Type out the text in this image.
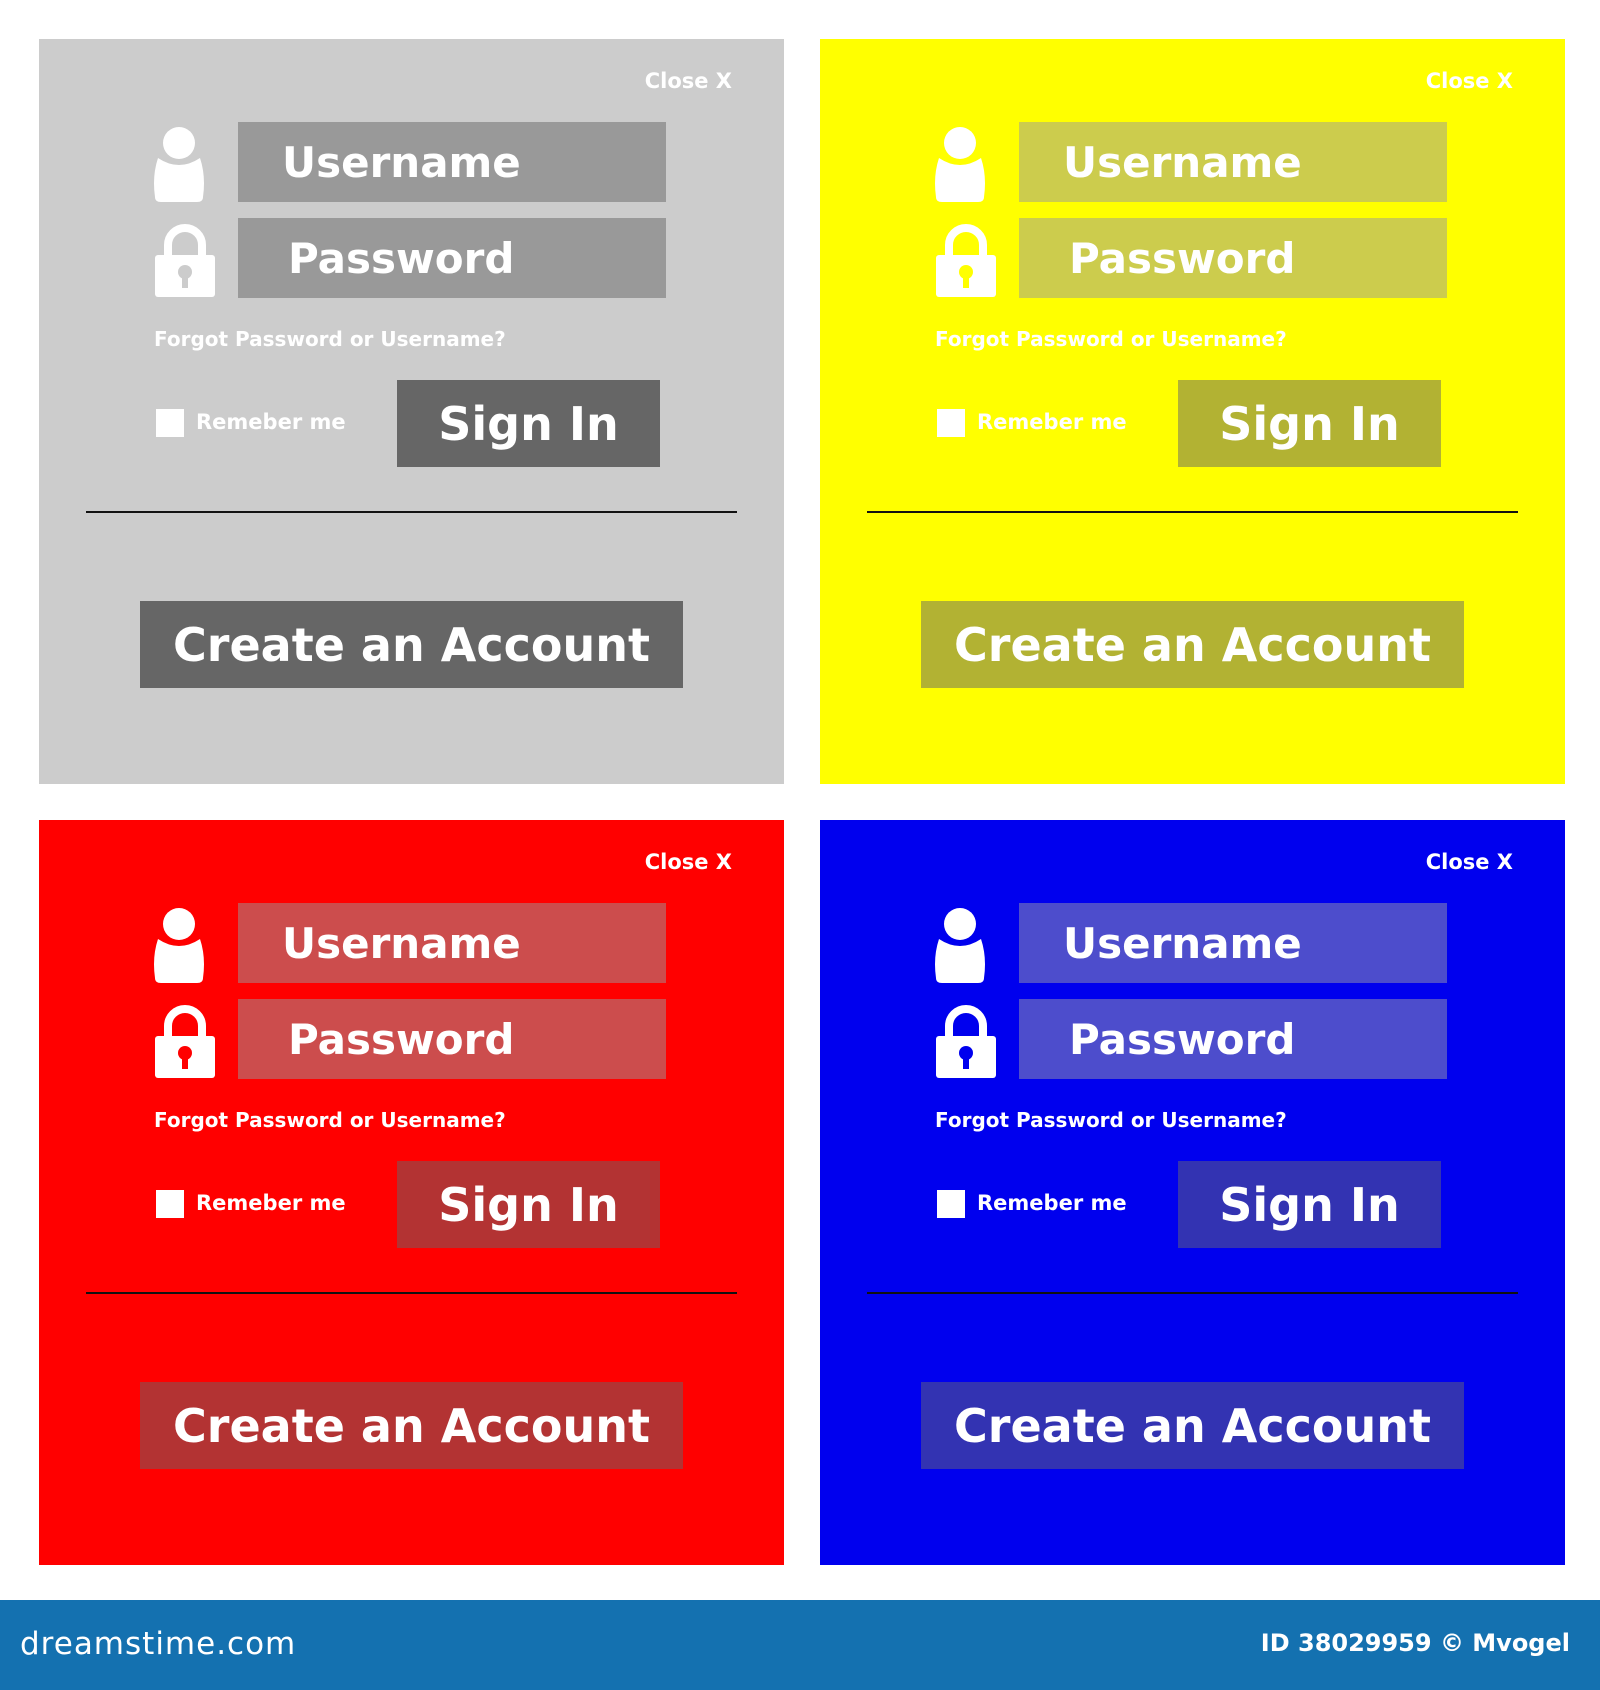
Close X
Username
Forgot Password or Username?
Remeber me	Sign In
Create an Account
Close X
Username
Forgot Password or Username?
Remeber me	Sign In
Create an Account
Close X
Username
Forgot Password or Username?
Remeber me	Sign In
Create an Account
Close X
Username
Forgot Password or Username?
Remeber me	Sign In
Create an Account
dreamstime.com	ID 38029959 © Mvogel
